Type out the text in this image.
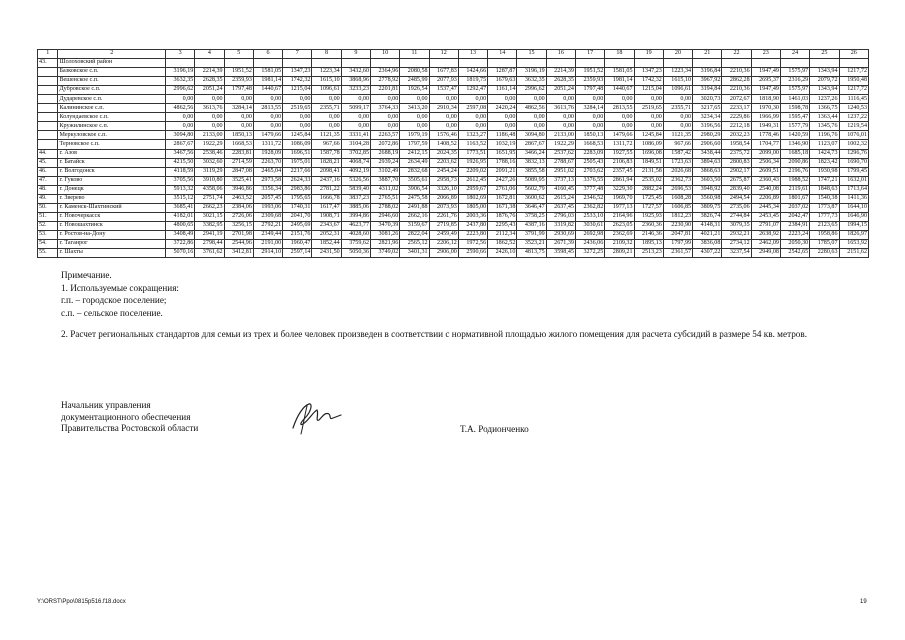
1	2	3	4	5	6	7	8	9	10	11	12	13	14	15	16	17	18	19	20	21	22	23	24	25	26
43.	Шолоховский район																								
	Базковское с.п.	3196,19	2214,39	1951,52	1581,05	1347,23	1223,34	3432,60	2364,96	2080,58	1677,83	1424,66	1287,87	3196,19	2214,39	1951,52	1581,05	1347,23	1223,34	3196,84	2210,36	1947,49	1575,97	1343,94	1217,72
	Вешенское с.п.	3632,35	2628,35	2359,93	1981,14	1742,32	1615,10	3868,96	2778,92	2485,99	2077,93	1819,75	1679,63	3632,35	2628,35	2359,93	1981,14	1742,32	1615,10	3967,92	2862,28	2695,37	2316,29	2079,72	1950,48
	Дубровское с.п.	2996,62	2051,24	1797,48	1440,67	1215,04	1096,61	3233,23	2201,81	1926,54	1537,47	1292,47	1161,14	2996,62	2051,24	1797,48	1440,67	1215,04	1096,61	3194,84	2210,36	1947,49	1575,97	1343,94	1217,72
	Дударевское с.п.	0,00	0,00	0,00	0,00	0,00	0,00	0,00	0,00	0,00	0,00	0,00	0,00	0,00	0,00	0,00	0,00	0,00	0,00	3020,73	2072,67	1818,90	1461,03	1237,26	1116,45
	Калининское с.п.	4862,56	3613,76	3284,14	2813,55	2519,65	2355,71	5099,17	3764,33	3413,20	2910,34	2597,08	2420,24	4862,56	3613,76	3284,14	2813,55	2519,65	2355,71	3217,65	2233,17	1970,30	1598,78	1366,75	1240,53
	Колундаевское с.п.	0,00	0,00	0,00	0,00	0,00	0,00	0,00	0,00	0,00	0,00	0,00	0,00	0,00	0,00	0,00	0,00	0,00	0,00	3234,34	2229,86	1966,99	1595,47	1363,44	1237,22
	Кружилинское с.п.	0,00	0,00	0,00	0,00	0,00	0,00	0,00	0,00	0,00	0,00	0,00	0,00	0,00	0,00	0,00	0,00	0,00	0,00	3196,56	2212,18	1949,31	1577,79	1345,76	1219,54
	Меркуловское с.п.	3094,80	2133,00	1850,13	1479,66	1245,84	1121,35	3331,41	2263,57	1979,19	1576,46	1323,27	1186,48	3094,80	2133,00	1850,13	1479,66	1245,84	1121,35	2980,29	2032,23	1778,46	1420,59	1196,76	1076,01
	Терновское с.п.	2867,67	1922,29	1668,53	1311,72	1086,09	967,66	3104,28	2072,86	1797,59	1408,52	1163,52	1032,19	2867,67	1922,29	1668,53	1311,72	1086,09	967,66	2906,60	1958,54	1704,77	1346,90	1123,07	1002,32
44.	г. Азов	3467,56	2538,46	2283,81	1928,09	1696,51	1587,78	3702,85	2688,19	2412,15	2024,35	1773,51	1651,95	3466,24	2537,62	2283,09	1927,55	1696,08	1587,42	3438,44	2375,72	2099,00	1685,18	1424,73	1296,76
45.	г. Батайск	4215,50	3032,60	2714,59	2263,70	1975,01	1828,21	4068,74	2939,24	2634,49	2203,62	1926,95	1788,16	3832,13	2788,67	2505,43	2106,83	1849,51	1723,63	3894,63	2800,83	2506,34	2090,86	1823,42	1690,70
46.	г. Волгодонск	4118,59	3119,29	2847,08	2465,04	2217,66	2098,41	4092,19	3102,49	2832,68	2454,24	2209,02	2091,21	3855,58	2951,02	2703,62	2357,45	2131,58	2026,68	3868,63	2902,17	2609,51	2196,76	1930,98	1799,45
47.	г. Гуково	3705,56	3910,80	3525,41	2973,58	2624,33	2437,16	5326,56	3887,70	3505,61	2958,73	2612,45	2427,26	5089,95	3737,13	3376,55	2861,94	2535,02	2362,73	3603,50	2675,87	2360,43	1988,52	1747,21	1632,01
48.	г. Донецк	5913,32	4358,06	3946,86	3356,34	2983,86	2781,22	5839,40	4311,02	3906,54	3326,10	2959,67	2761,06	5602,79	4160,45	3777,48	3229,30	2882,24	2696,53	3948,92	2839,40	2540,08	2119,61	1848,63	1713,64
49.	г. Зверево	3515,12	2751,74	2463,52	2057,45	1795,65	1666,78	3837,23	2765,51	2475,58	2066,89	1802,69	1672,81	3600,62	2615,24	2346,52	1969,70	1725,45	1608,28	3560,98	2494,54	2206,89	1801,67	1540,38	1411,36
50.	г. Каменск-Шахтинский	3685,41	2662,23	2384,06	1993,06	1740,31	1617,47	3885,06	2788,02	2491,88	2073,93	1805,00	1671,38	3646,47	2637,45	2362,82	1977,13	1727,57	1606,85	3809,75	2735,06	2445,34	2037,02	1773,87	1644,10
51.	г. Новочеркасск	4182,01	3021,15	2726,06	2309,68	2041,70	1908,71	3994,86	2946,60	2662,16	2261,76	2003,36	1876,76	3758,25	2796,03	2533,10	2164,96	1925,93	1812,23	3826,74	2744,84	2453,45	2042,47	1777,73	1646,90
52.	г. Новошахтинск	4800,65	3382,95	3256,15	2792,21	2495,69	2343,67	4623,77	3470,39	3159,67	2719,85	2437,80	2295,43	4387,16	3319,82	3030,61	2623,05	2360,36	2230,90	4148,31	3079,35	2791,07	2384,91	2123,65	1994,15
53.	г. Ростов-на-Дону	3408,49	2941,19	2701,98	2349,44	2151,76	2052,31	4028,60	3081,26	2822,04	2459,49	2223,80	2112,34	3791,99	2930,69	2692,98	2362,69	2146,36	2047,81	4021,21	2932,21	2638,92	2223,24	1958,86	1826,97
54.	г. Таганрог	3722,86	2798,44	2544,96	2191,00	1960,47	1852,44	3759,62	2821,96	2565,12	2206,12	1972,56	1862,52	3523,21	2671,39	2436,06	2109,32	1895,13	1797,99	3836,08	2734,12	2462,09	2050,30	1785,07	1653,92
55.	г. Шахты	5070,16	3761,62	3412,81	2914,10	2597,14	2431,50	5050,36	3749,02	3401,31	2906,00	2590,66	2426,10	4813,75	3598,45	3272,25	2809,21	2513,23	2361,57	4307,22	3237,54	2949,08	2542,65	2280,63	2151,62

Примечание.

1. Используемые сокращения:

г.п. – городское поселение;

с.п. – сельское поселение.

2. Расчет региональных стандартов для семьи из трех и более человек произведен в соответствии с нормативной площадью жилого помещения для расчета субсидий в размере 54 кв. метров.
Начальник управления
документационного обеспечения
Правительства Ростовской области	Т.А. Родионченко
Y:\ORST\Ppo\0815p516.f18.docx	19
